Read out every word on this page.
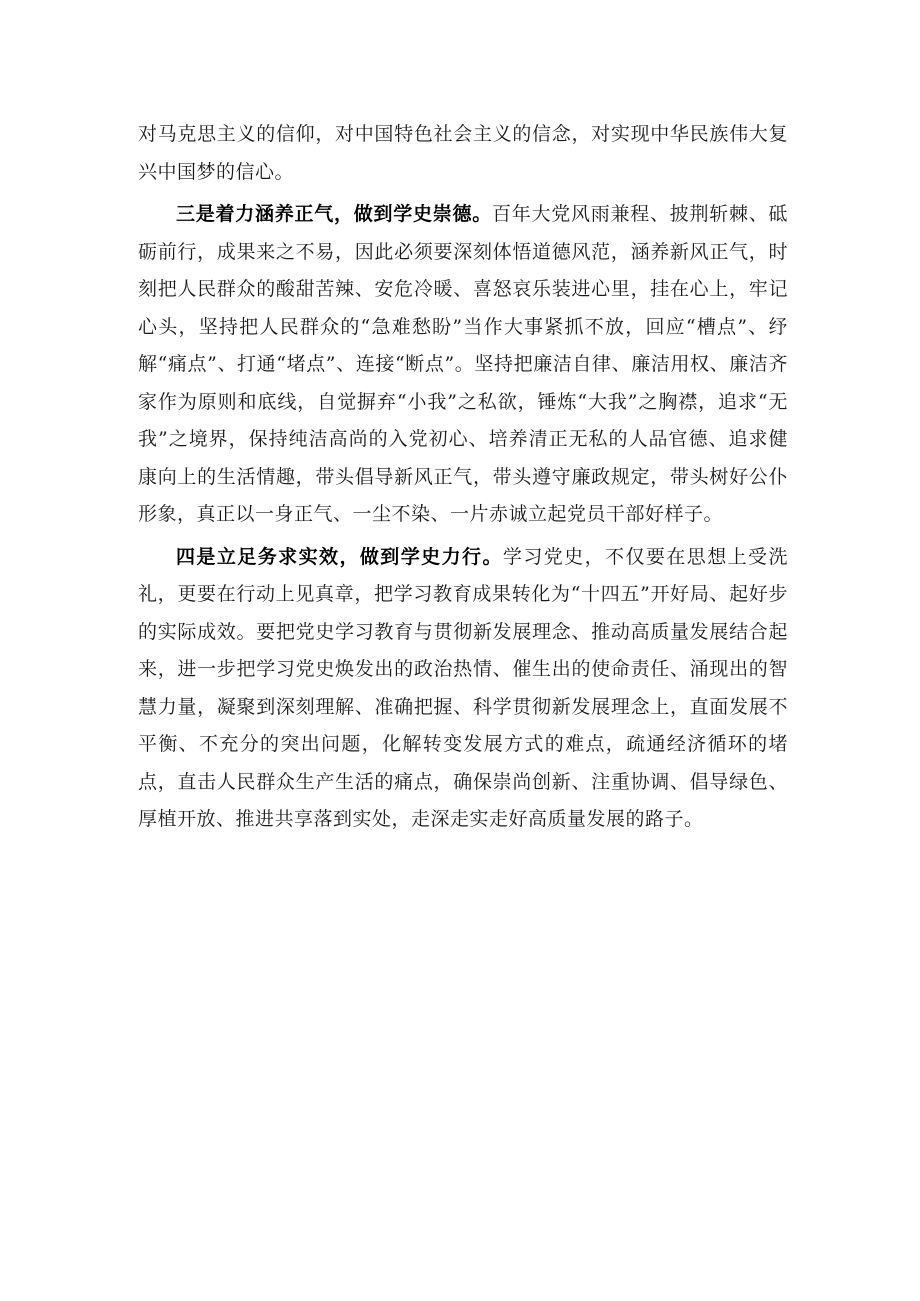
对马克思主义的信仰，对中国特色社会主义的信念，对实现中华民族伟大复兴中国梦的信心。

三是着力涵养正气，做到学史崇德。百年大党风雨兼程、披荆斩棘、砥砺前行，成果来之不易，因此必须要深刻体悟道德风范，涵养新风正气，时刻把人民群众的酸甜苦辣、安危冷暖、喜怒哀乐装进心里，挂在心上，牢记心头，坚持把人民群众的“急难愁盼”当作大事紧抓不放，回应“槽点”、纾解“痛点”、打通“堵点”、连接“断点”。坚持把廉洁自律、廉洁用权、廉洁齐家作为原则和底线，自觉摒弃“小我”之私欲，锤炼“大我”之胸襟，追求“无我”之境界，保持纯洁高尚的入党初心、培养清正无私的人品官德、追求健康向上的生活情趣，带头倡导新风正气，带头遵守廉政规定，带头树好公仆形象，真正以一身正气、一尘不染、一片赤诚立起党员干部好样子。

四是立足务求实效，做到学史力行。学习党史，不仅要在思想上受洗礼，更要在行动上见真章，把学习教育成果转化为“十四五”开好局、起好步的实际成效。要把党史学习教育与贯彻新发展理念、推动高质量发展结合起来，进一步把学习党史焕发出的政治热情、催生出的使命责任、涌现出的智慧力量，凝聚到深刻理解、准确把握、科学贯彻新发展理念上，直面发展不平衡、不充分的突出问题，化解转变发展方式的难点，疏通经济循环的堵点，直击人民群众生产生活的痛点，确保崇尚创新、注重协调、倡导绿色、厚植开放、推进共享落到实处，走深走实走好高质量发展的路子。
